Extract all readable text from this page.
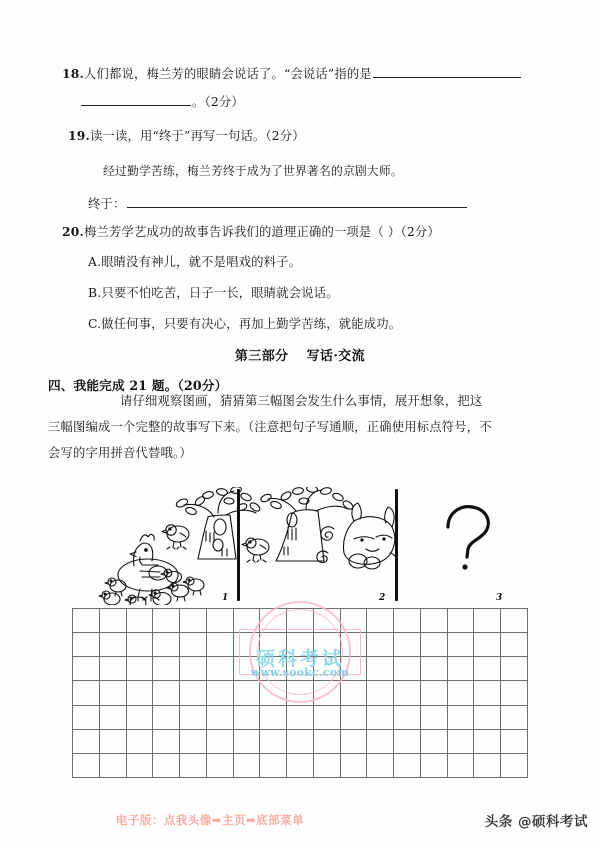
18.人们都说，梅兰芳的眼睛会说话了。“会说话”指的是
。（2分）
19.读一读，用“终于”再写一句话。（2分）
经过勤学苦练，梅兰芳终于成为了世界著名的京剧大师。
终于：
20.梅兰芳学艺成功的故事告诉我们的道理正确的一项是（ ）（2分）
A.眼睛没有神儿，就不是唱戏的料子。
B.只要不怕吃苦，日子一长，眼睛就会说话。
C.做任何事，只要有决心，再加上勤学苦练，就能成功。
第三部分 写话·交流
四、我能完成 21 题。（20分）
请仔细观察图画，猜猜第三幅图会发生什么事情，展开想象，把这
三幅图编成一个完整的故事写下来。（注意把句子写通顺，正确使用标点符号，不
会写的字用拼音代替哦。）
1	2	3
硕科考试
www.sookc.com

电子版：点我头像➡主页➡底部菜单	头条 @硕科考试
